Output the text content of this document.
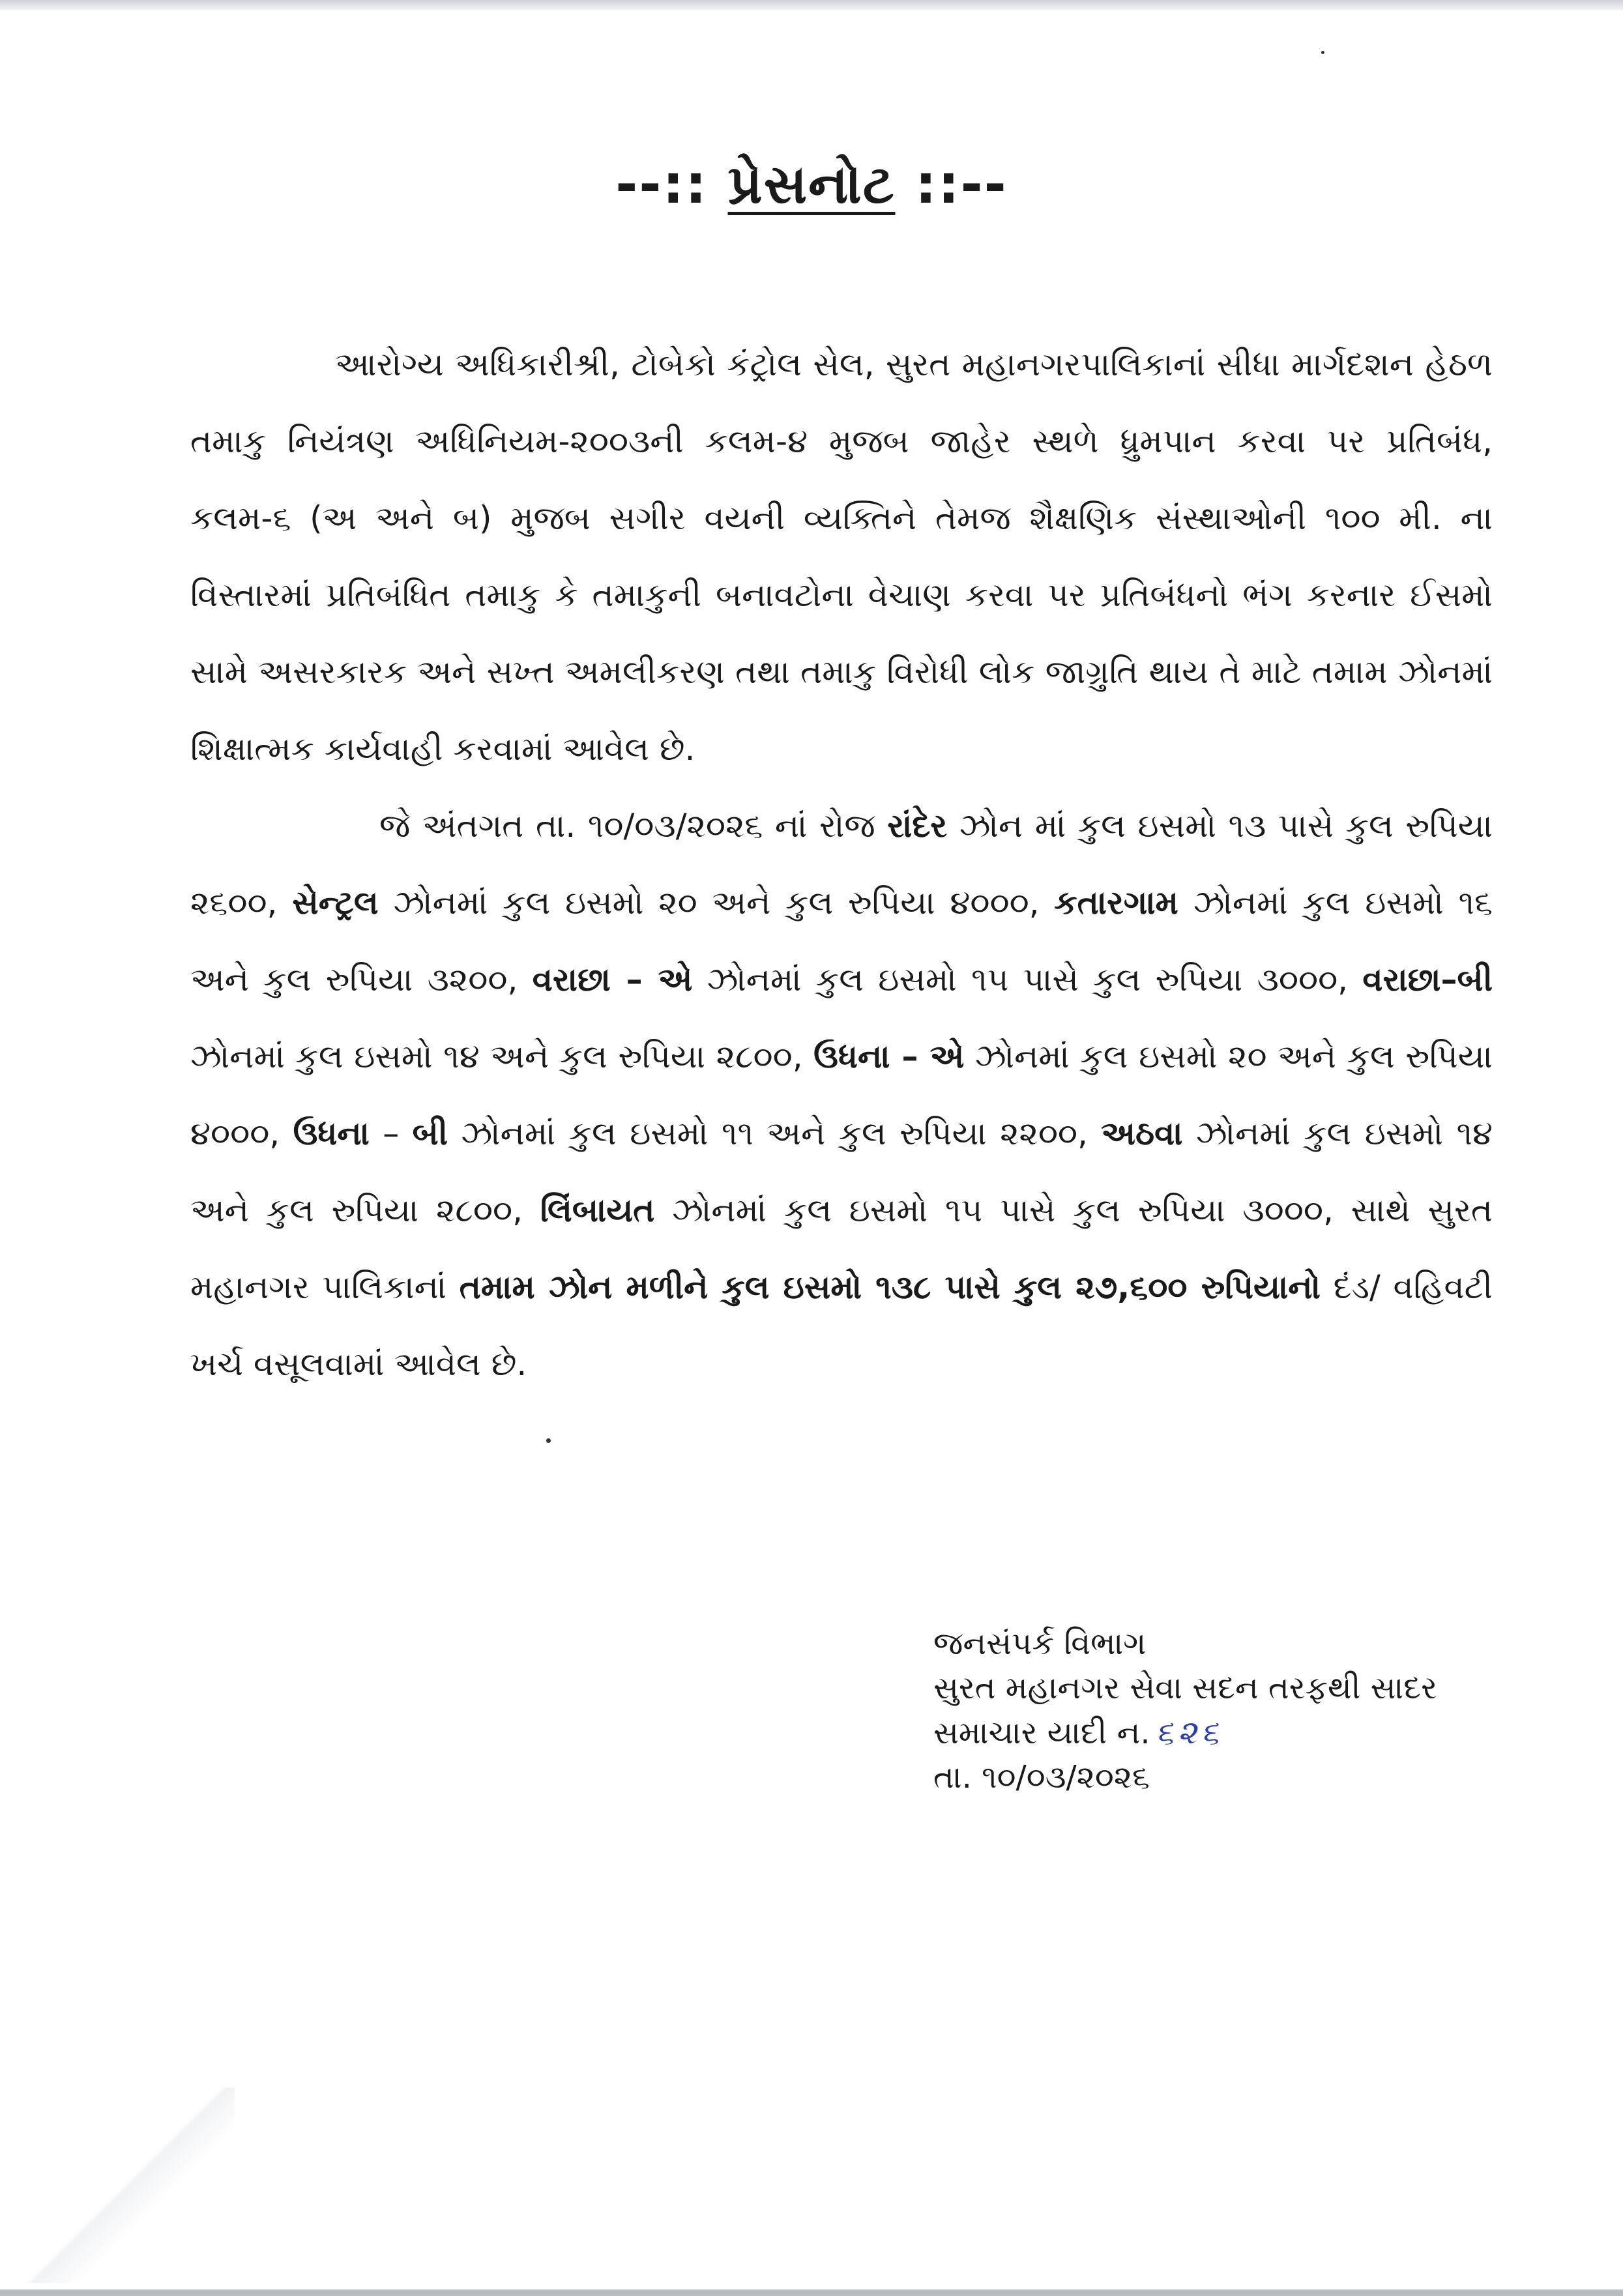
--:: પ્રેસનોટ ::--

આરોગ્ય અધિકારીશ્રી, ટોબેકો કંટ્રોલ સેલ, સુરત મહાનગરપાલિકાનાં સીધા માર્ગદશન હેઠળ તમાકુ નિયંત્રણ અધિનિયમ-૨૦૦૩ની કલમ-૪ મુજબ જાહેર સ્થળે ધ્રુમપાન કરવા પર પ્રતિબંધ, કલમ-૬ (અ અને બ) મુજબ સગીર વયની વ્યક્તિને તેમજ શૈક્ષણિક સંસ્થાઓની ૧૦૦ મી. ના વિસ્તારમાં પ્રતિબંધિત તમાકુ કે તમાકુની બનાવટોના વેચાણ કરવા પર પ્રતિબંધનો ભંગ કરનાર ઈસમો સામે અસરકારક અને સખ્ત અમલીકરણ તથા તમાકુ વિરોધી લોક જાગ્રુતિ થાય તે માટે તમામ ઝોનમાં શિક્ષાત્મક કાર્યવાહી કરવામાં આવેલ છે.

જે અંતગત તા. ૧૦/૦૩/૨૦૨૬ નાં રોજ રાંદેર ઝોન માં કુલ ઇસમો ૧૩ પાસે કુલ રુપિયા ૨૬૦૦, સેન્ટ્રલ ઝોનમાં કુલ ઇસમો ૨૦ અને કુલ રુપિયા ૪૦૦૦, કતારગામ ઝોનમાં કુલ ઇસમો ૧૬ અને કુલ રુપિયા ૩૨૦૦, વરાછા – એ ઝોનમાં કુલ ઇસમો ૧૫ પાસે કુલ રુપિયા ૩૦૦૦, વરાછા–બી ઝોનમાં કુલ ઇસમો ૧૪ અને કુલ રુપિયા ૨૮૦૦, ઉધના – એ ઝોનમાં કુલ ઇસમો ૨૦ અને કુલ રુપિયા ૪૦૦૦, ઉધના – બી ઝોનમાં કુલ ઇસમો ૧૧ અને કુલ રુપિયા ૨૨૦૦, અઠવા ઝોનમાં કુલ ઇસમો ૧૪ અને કુલ રુપિયા ૨૮૦૦, લિંબાયત ઝોનમાં કુલ ઇસમો ૧૫ પાસે કુલ રુપિયા ૩૦૦૦, સાથે સુરત મહાનગર પાલિકાનાં તમામ ઝોન મળીને કુલ ઇસમો ૧૩૮ પાસે કુલ ૨૭,૬૦૦ રુપિયાનો દંડ/ વહિવટી ખર્ચ વસૂલવામાં આવેલ છે.

જનસંપર્ક વિભાગ
સુરત મહાનગર સેવા સદન તરફથી સાદર
સમાચાર યાદી ન. ૬૨૬
તા. ૧૦/૦૩/૨૦૨૬
